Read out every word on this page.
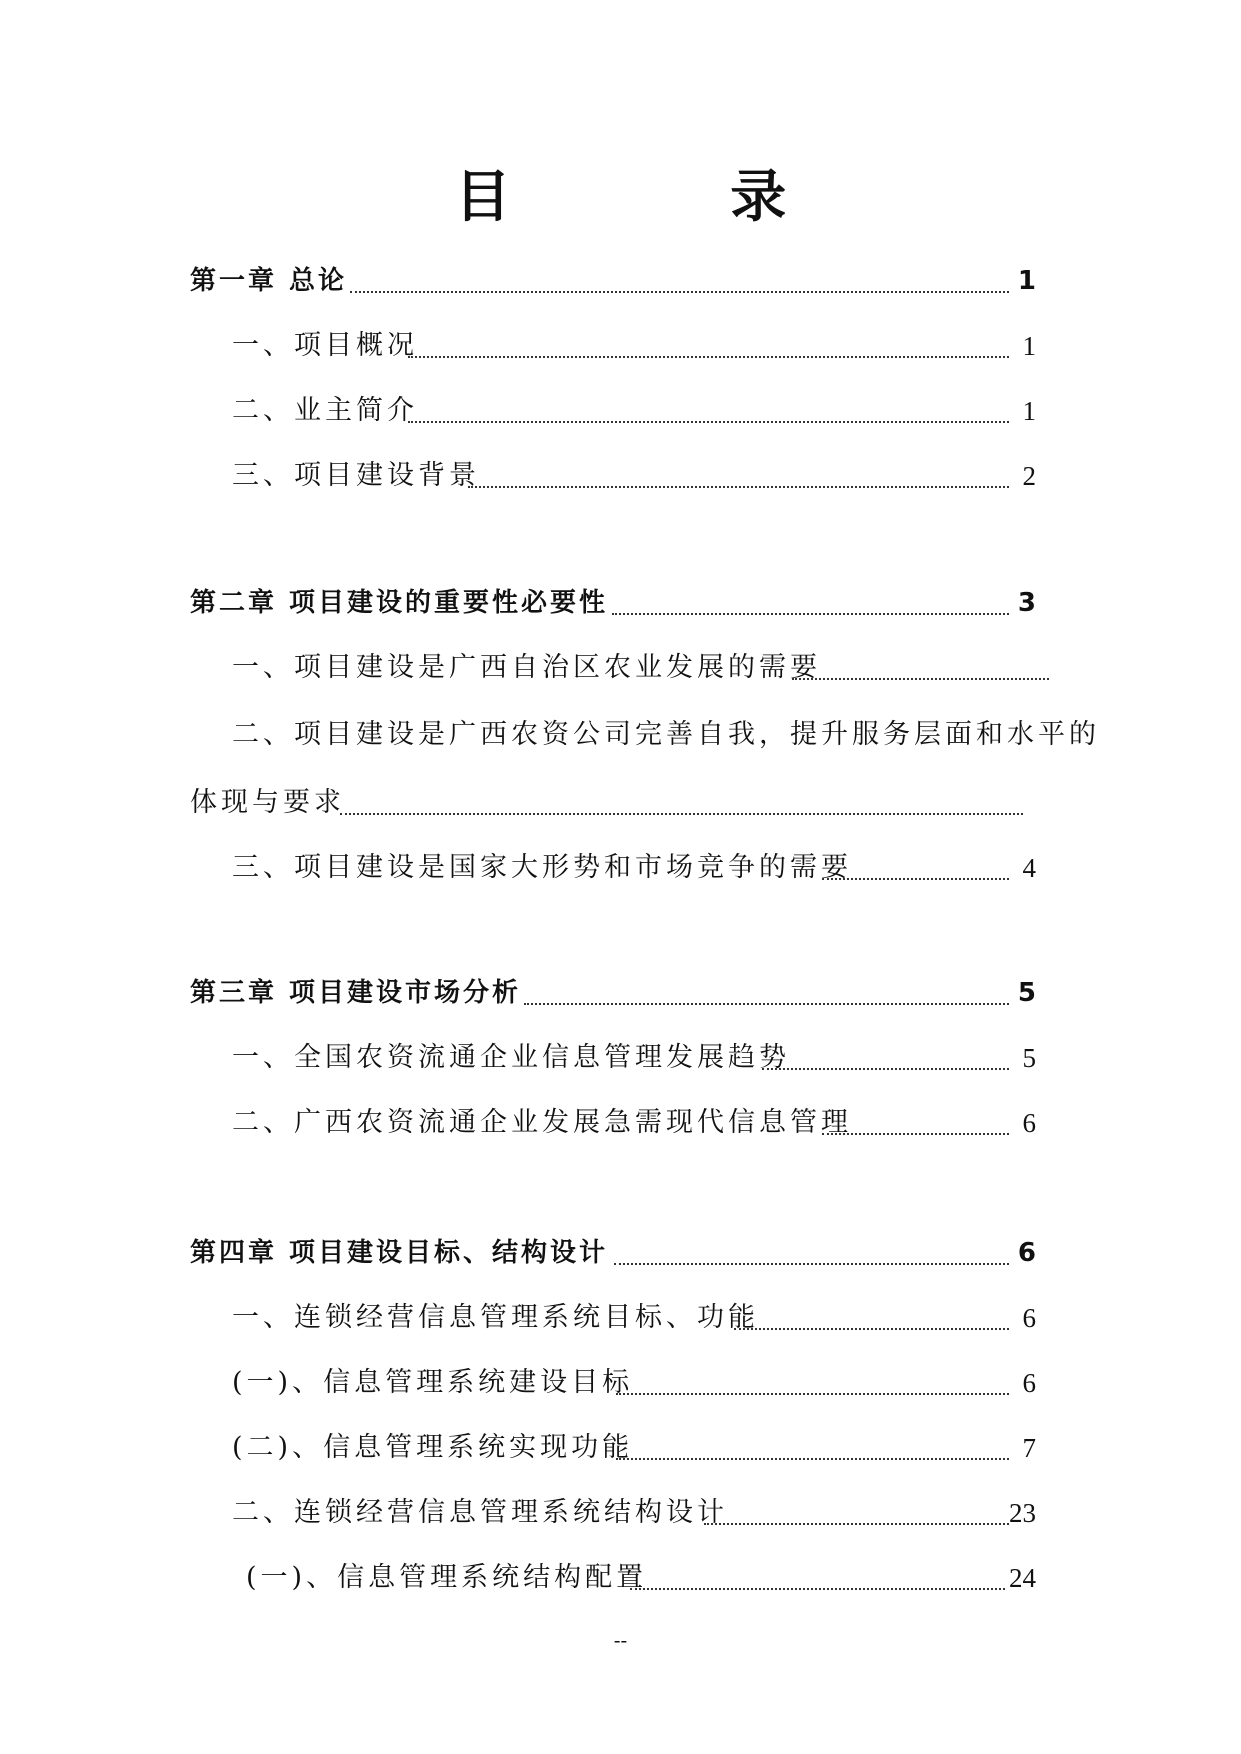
目 录
第一章 总论	1
一、项目概况	1
二、业主简介	1
三、项目建设背景	2
第二章 项目建设的重要性必要性	3
一、项目建设是广西自治区农业发展的需要
二、项目建设是广西农资公司完善自我，提升服务层面和水平的
体现与要求
三、项目建设是国家大形势和市场竞争的需要	4
第三章 项目建设市场分析	5
一、全国农资流通企业信息管理发展趋势	5
二、广西农资流通企业发展急需现代信息管理	6
第四章 项目建设目标、结构设计	6
一、连锁经营信息管理系统目标、功能	6
(一)、信息管理系统建设目标	6
(二)、信息管理系统实现功能	7
二、连锁经营信息管理系统结构设计	23
(一)、信息管理系统结构配置	24
--
